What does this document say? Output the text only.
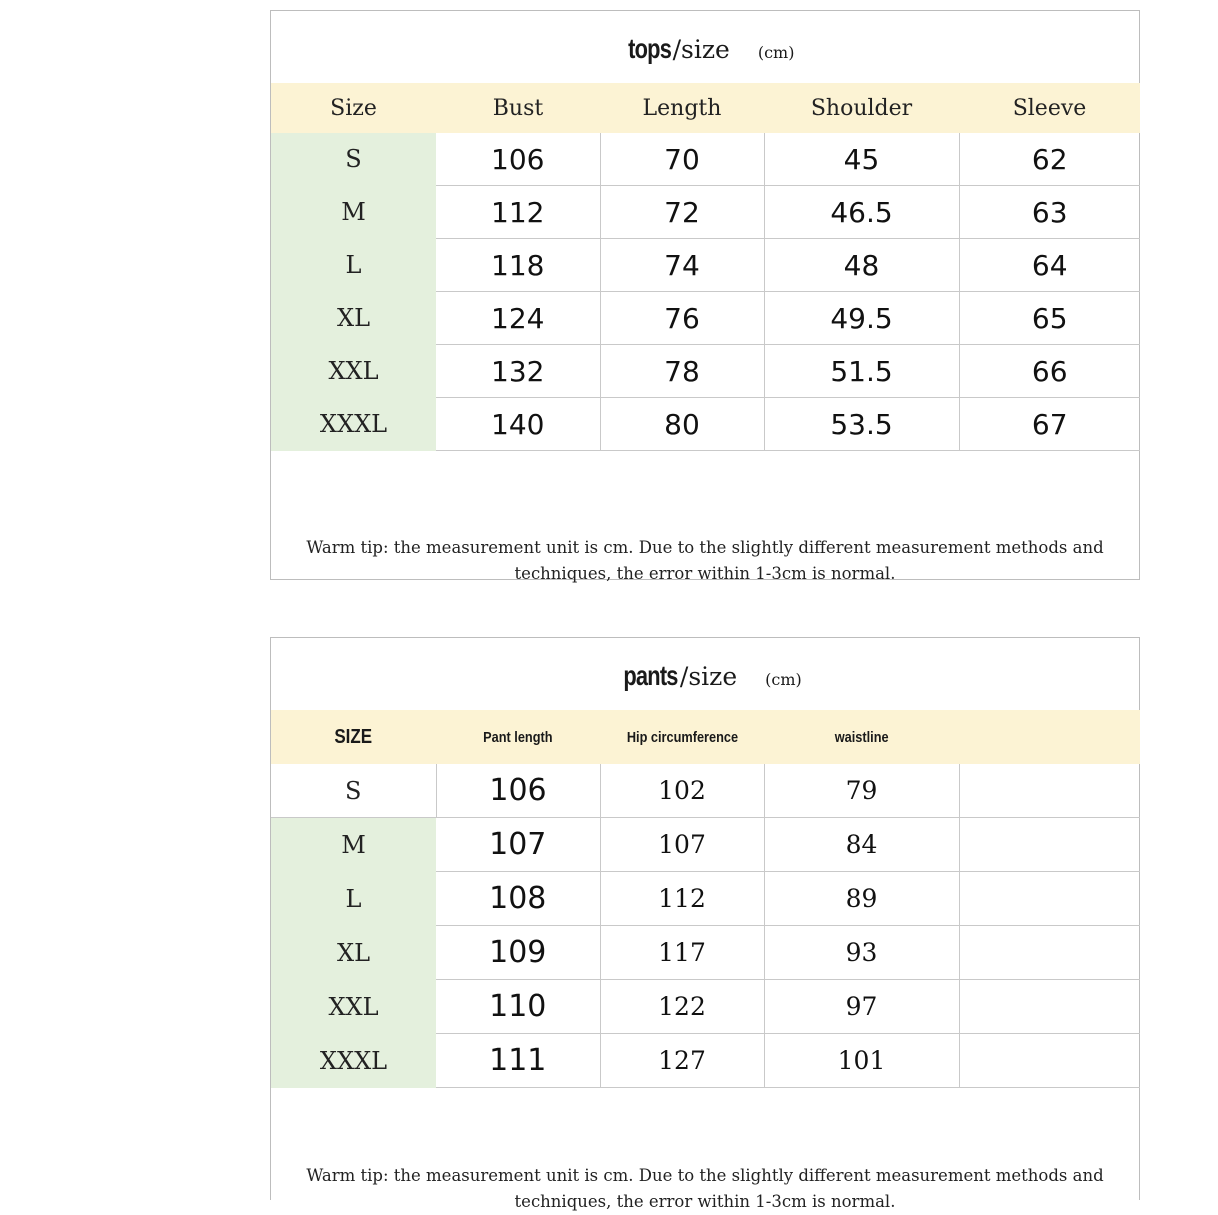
tops /size (cm)
Size	Bust	Length	Shoulder	Sleeve
S	106	70	45	62
M	112	72	46.5	63
L	118	74	48	64
XL	124	76	49.5	65
XXL	132	78	51.5	66
XXXL	140	80	53.5	67

Warm tip: the measurement unit is cm. Due to the slightly different measurement methods and techniques, the error within 1-3cm is normal.

pants /size (cm)
SIZE	Pant length	Hip circumference	waistline	
S	106	102	79	
M	107	107	84	
L	108	112	89	
XL	109	117	93	
XXL	110	122	97	
XXXL	111	127	101	

Warm tip: the measurement unit is cm. Due to the slightly different measurement methods and techniques, the error within 1-3cm is normal.
